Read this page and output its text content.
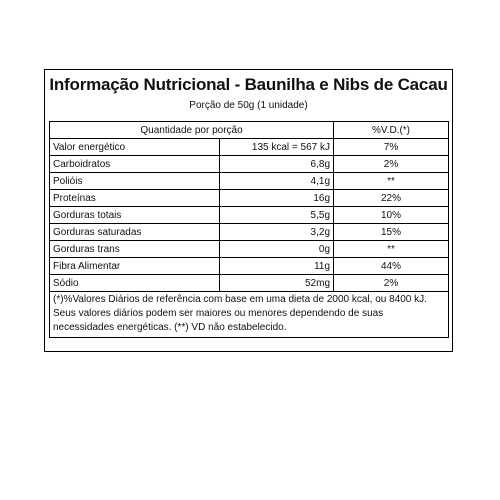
Informação Nutricional - Baunilha e Nibs de Cacau
Porção de 50g (1 unidade)
Quantidade por porção		%V.D.(*)
Valor energético	135 kcal = 567 kJ	7%
Carboidratos	6,8g	2%
Polióis	4,1g	**
Proteínas	16g	22%
Gorduras totais	5,5g	10%
Gorduras saturadas	3,2g	15%
Gorduras trans	0g	**
Fibra Alimentar	11g	44%
Sódio	52mg	2%
(*)%Valores Diários de referência com base em uma dieta de 2000 kcal, ou 8400 kJ. Seus valores diários podem ser maiores ou menores dependendo de suas necessidades energéticas. (**) VD não estabelecido.		
